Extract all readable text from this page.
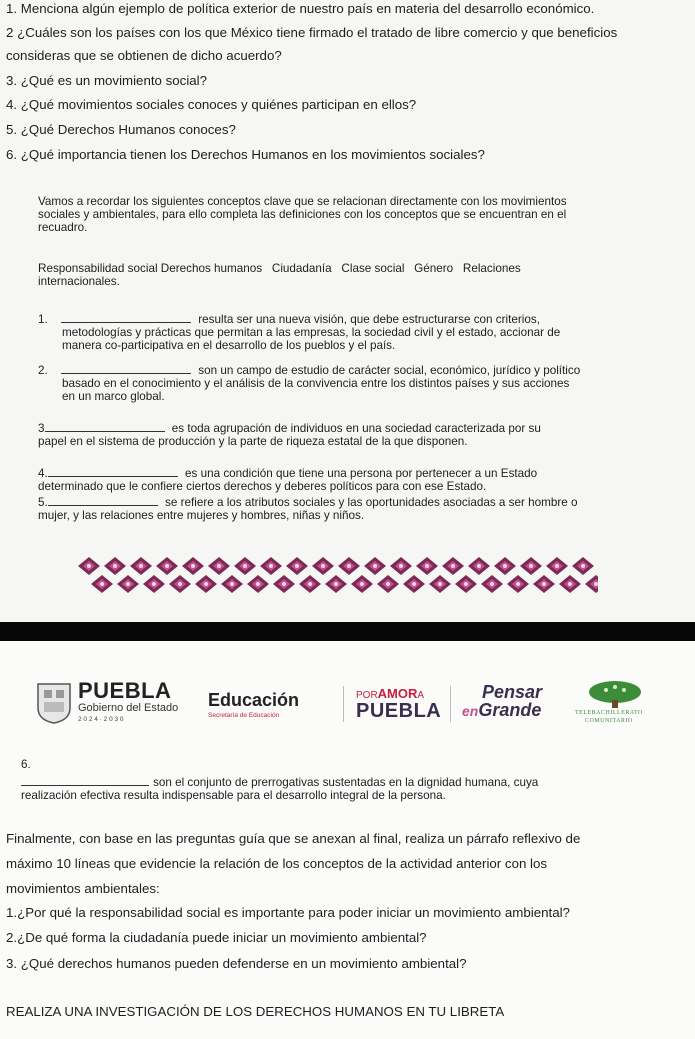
1. Menciona algún ejemplo de política exterior de nuestro país en materia del desarrollo económico.
2 ¿Cuáles son los países con los que México tiene firmado el tratado de libre comercio y que beneficios
consideras que se obtienen de dicho acuerdo?
3. ¿Qué es un movimiento social?
4. ¿Qué movimientos sociales conoces y quiénes participan en ellos?
5. ¿Qué Derechos Humanos conoces?
6. ¿Qué importancia tienen los Derechos Humanos en los movimientos sociales?
Vamos a recordar los siguientes conceptos clave que se relacionan directamente con los movimientos
sociales y ambientales, para ello completa las definiciones con los conceptos que se encuentran en el
recuadro.
Responsabilidad social Derechos humanos   Ciudadanía   Clase social   Género   Relaciones
internacionales.
1.	resulta ser una nueva visión, que debe estructurarse con criterios,
metodologías y prácticas que permitan a las empresas, la sociedad civil y el estado, accionar de
manera co-participativa en el desarrollo de los pueblos y el país.
2.	son un campo de estudio de carácter social, económico, jurídico y político
basado en el conocimiento y el análisis de la convivencia entre los distintos países y sus acciones
en un marco global.
3	es toda agrupación de individuos en una sociedad caracterizada por su
papel en el sistema de producción y la parte de riqueza estatal de la que disponen.
4.	es una condición que tiene una persona por pertenecer a un Estado
determinado que le confiere ciertos derechos y deberes políticos para con ese Estado.
5.	se refiere a los atributos sociales y las oportunidades asociadas a ser hombre o
mujer, y las relaciones entre mujeres y hombres, niñas y niños.
PUEBLA
Gobierno del Estado
2 0 2 4 · 2 0 3 0
Educación
Secretaría de Educación
PORAMORA
PUEBLA
Pensar
enGrande	TELEBACHILLERATO
COMUNITARIO
6.
son el conjunto de prerrogativas sustentadas en la dignidad humana, cuya
realización efectiva resulta indispensable para el desarrollo integral de la persona.
Finalmente, con base en las preguntas guía que se anexan al final, realiza un párrafo reflexivo de
máximo 10 líneas que evidencie la relación de los conceptos de la actividad anterior con los
movimientos ambientales:
1.¿Por qué la responsabilidad social es importante para poder iniciar un movimiento ambiental?
2.¿De qué forma la ciudadanía puede iniciar un movimiento ambiental?
3. ¿Qué derechos humanos pueden defenderse en un movimiento ambiental?
REALIZA UNA INVESTIGACIÓN DE LOS DERECHOS HUMANOS EN TU LIBRETA
